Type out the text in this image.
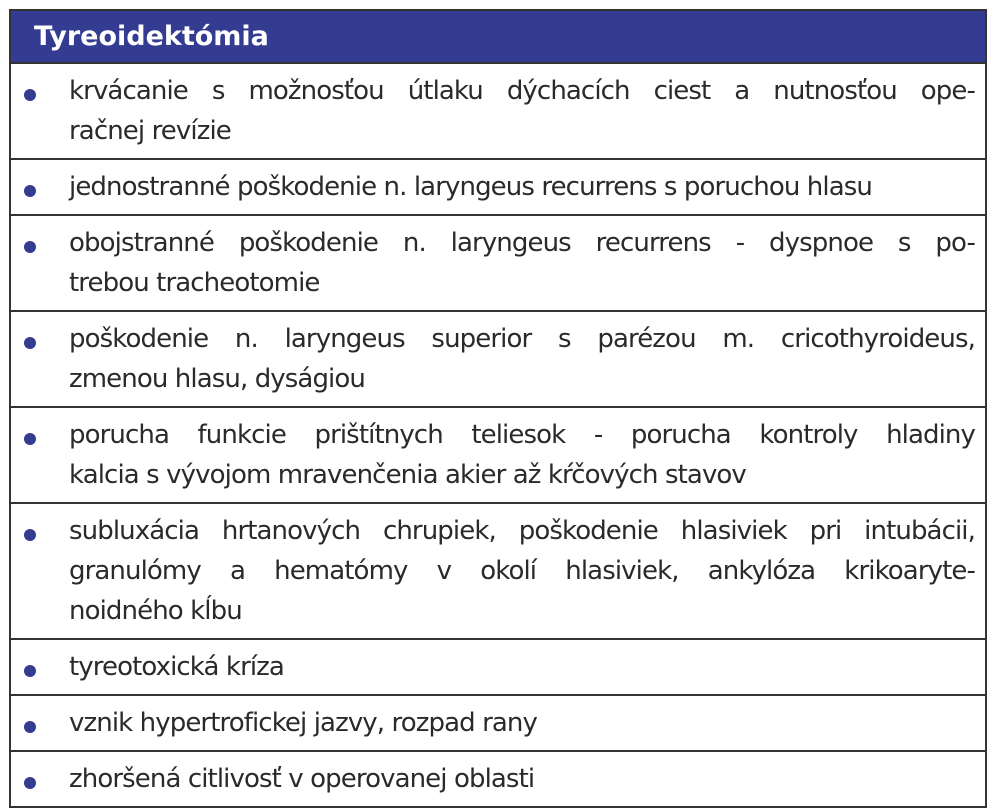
Tyreoidektómia
krvácanie s možnosťou útlaku dýchacích ciest a nutnosťou ope-
račnej revízie
jednostranné poškodenie n. laryngeus recurrens s poruchou hlasu
obojstranné poškodenie n. laryngeus recurrens - dyspnoe s po-
trebou tracheotomie
poškodenie n. laryngeus superior s parézou m. cricothyroideus,
zmenou hlasu, dyságiou
porucha funkcie prištítnych teliesok - porucha kontroly hladiny
kalcia s vývojom mravenčenia akier až kŕčových stavov
subluxácia hrtanových chrupiek, poškodenie hlasiviek pri intubácii,
granulómy a hematómy v okolí hlasiviek, ankylóza krikoaryte-
noidného kĺbu
tyreotoxická kríza
vznik hypertrofickej jazvy, rozpad rany
zhoršená citlivosť v operovanej oblasti
